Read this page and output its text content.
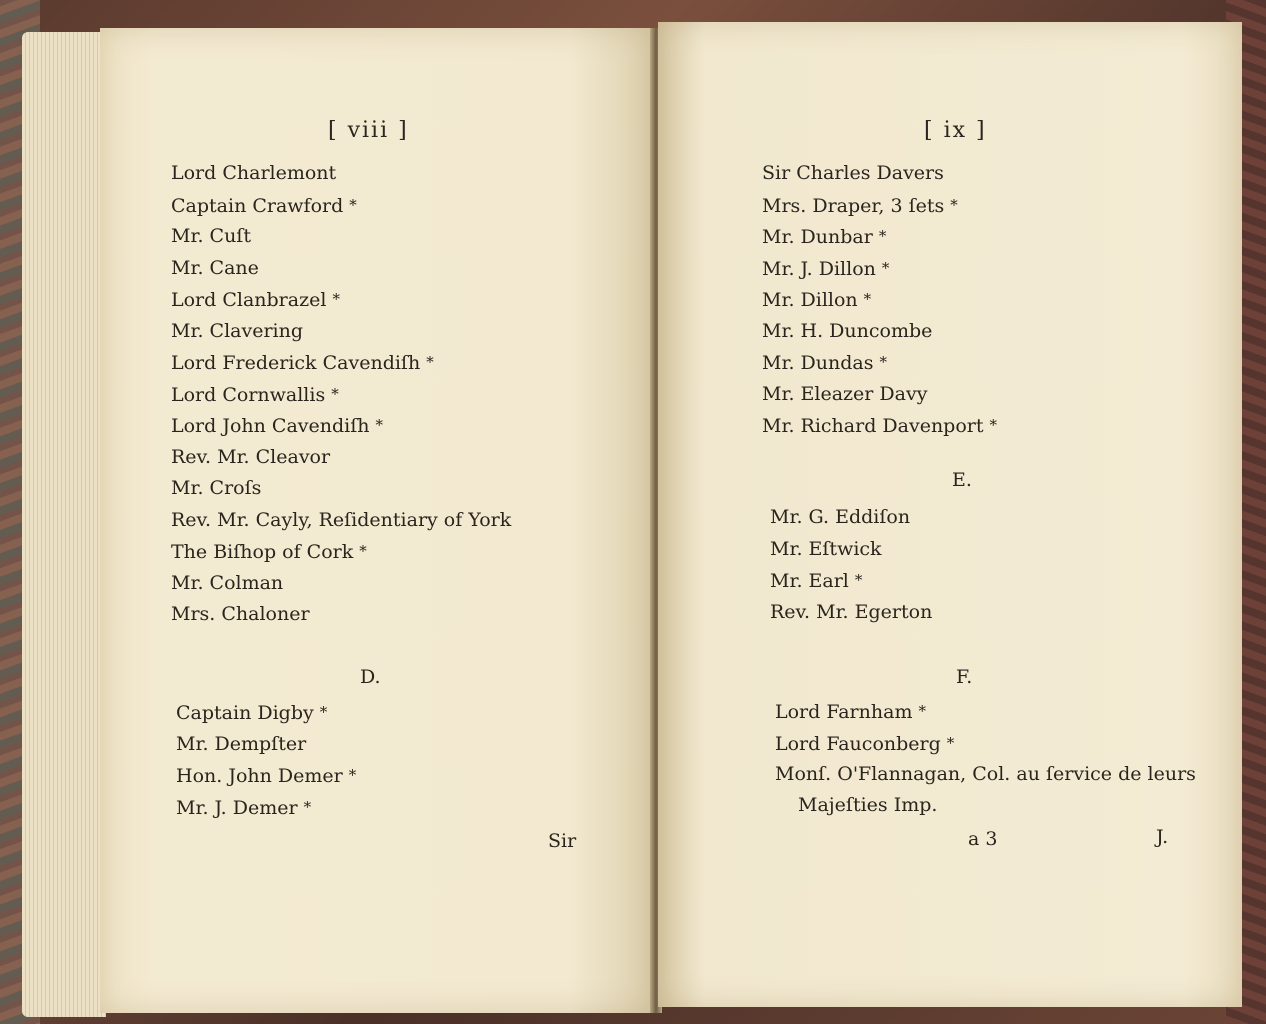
[ viii ]
Lord Charlemont
Captain Crawford *
Mr. Cuſt
Mr. Cane
Lord Clanbrazel *
Mr. Clavering
Lord Frederick Cavendiſh *
Lord Cornwallis *
Lord John Cavendiſh *
Rev. Mr. Cleavor
Mr. Croſs
Rev. Mr. Cayly, Reſidentiary of York
The Biſhop of Cork *
Mr. Colman
Mrs. Chaloner
D.
Captain Digby *
Mr. Dempſter
Hon. John Demer *
Mr. J. Demer *
Sir
[ ix ]
Sir Charles Davers
Mrs. Draper, 3 ſets *
Mr. Dunbar *
Mr. J. Dillon *
Mr. Dillon *
Mr. H. Duncombe
Mr. Dundas *
Mr. Eleazer Davy
Mr. Richard Davenport *
E.
Mr. G. Eddiſon
Mr. Eſtwick
Mr. Earl *
Rev. Mr. Egerton
F.
Lord Farnham *
Lord Fauconberg *
Monſ. O'Flannagan, Col. au ſervice de leurs
Majeſties Imp.
a 3	J.
